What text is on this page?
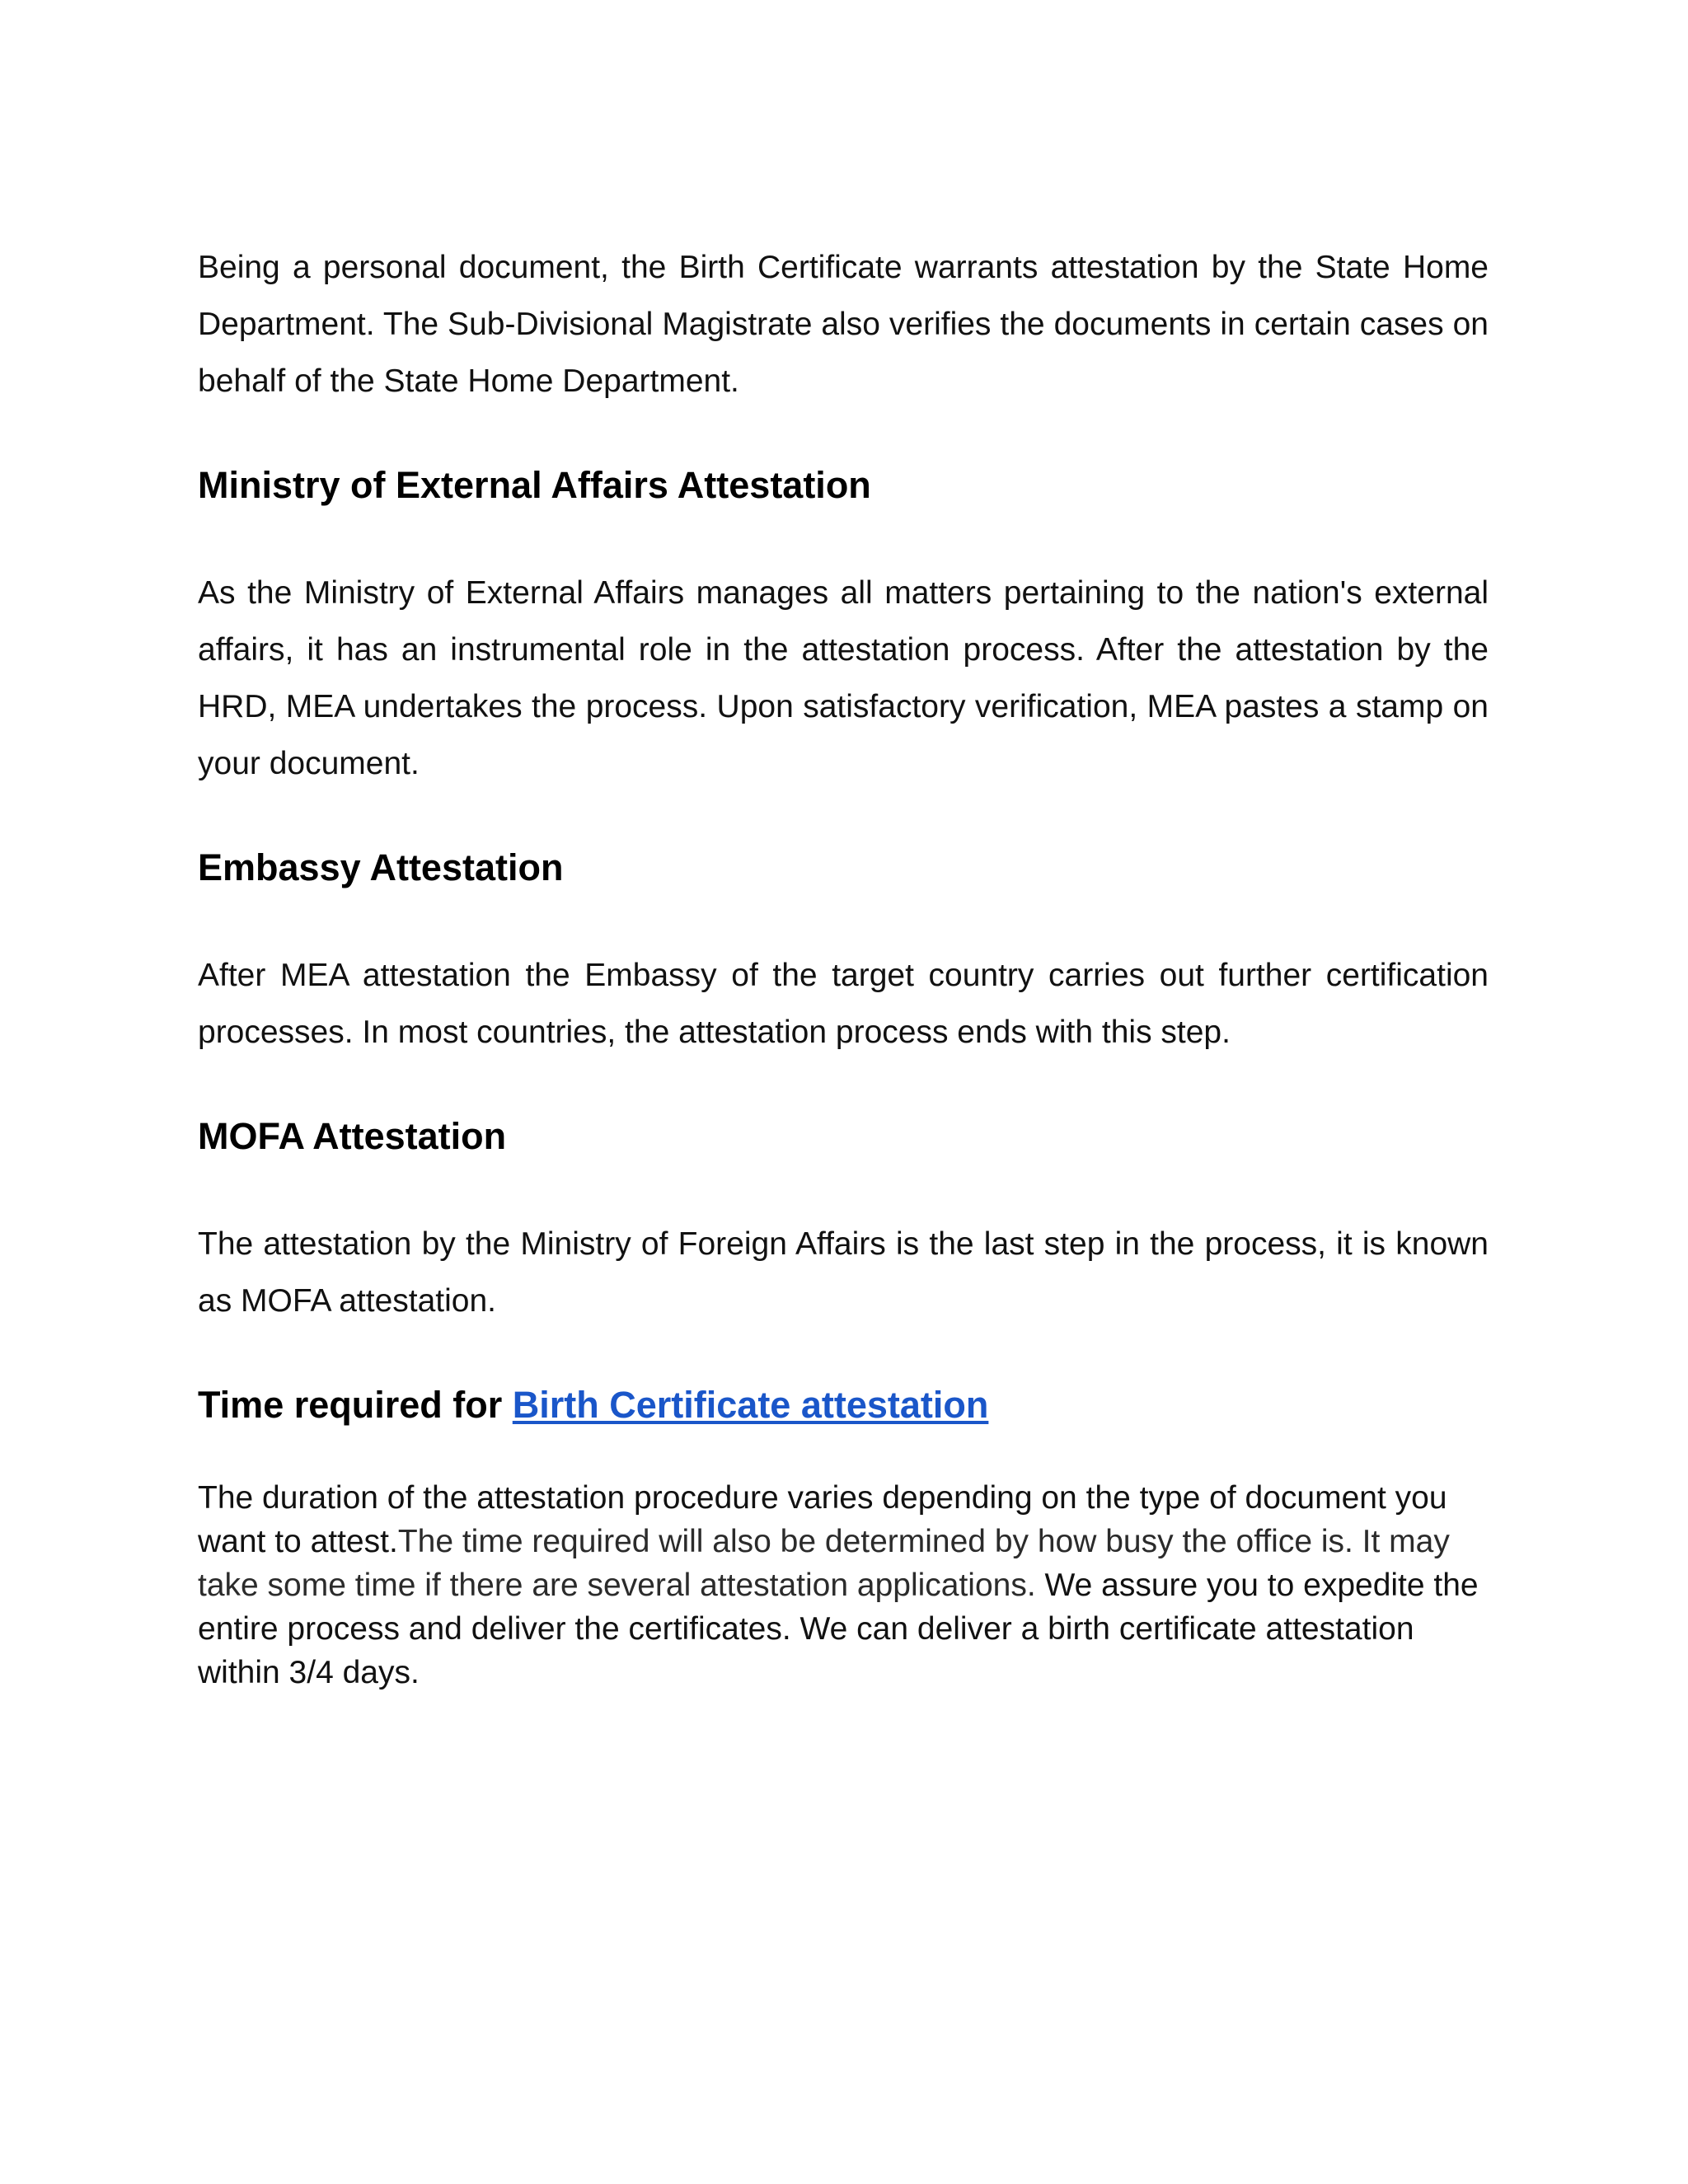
Being a personal document, the Birth Certificate warrants attestation by the State Home Department. The Sub-Divisional Magistrate also verifies the documents in certain cases on behalf of the State Home Department.

Ministry of External Affairs Attestation

As the Ministry of External Affairs manages all matters pertaining to the nation's external affairs, it has an instrumental role in the attestation process. After the attestation by the HRD, MEA undertakes the process. Upon satisfactory verification, MEA pastes a stamp on your document.

Embassy Attestation

After MEA attestation the Embassy of the target country carries out further certification processes. In most countries, the attestation process ends with this step.

MOFA Attestation

The attestation by the Ministry of Foreign Affairs is the last step in the process, it is known as MOFA attestation.

Time required for Birth Certificate attestation

The duration of the attestation procedure varies depending on the type of document you want to attest.The time required will also be determined by how busy the office is. It may take some time if there are several attestation applications. We assure you to expedite the entire process and deliver the certificates. We can deliver a birth certificate attestation within 3/4 days.
